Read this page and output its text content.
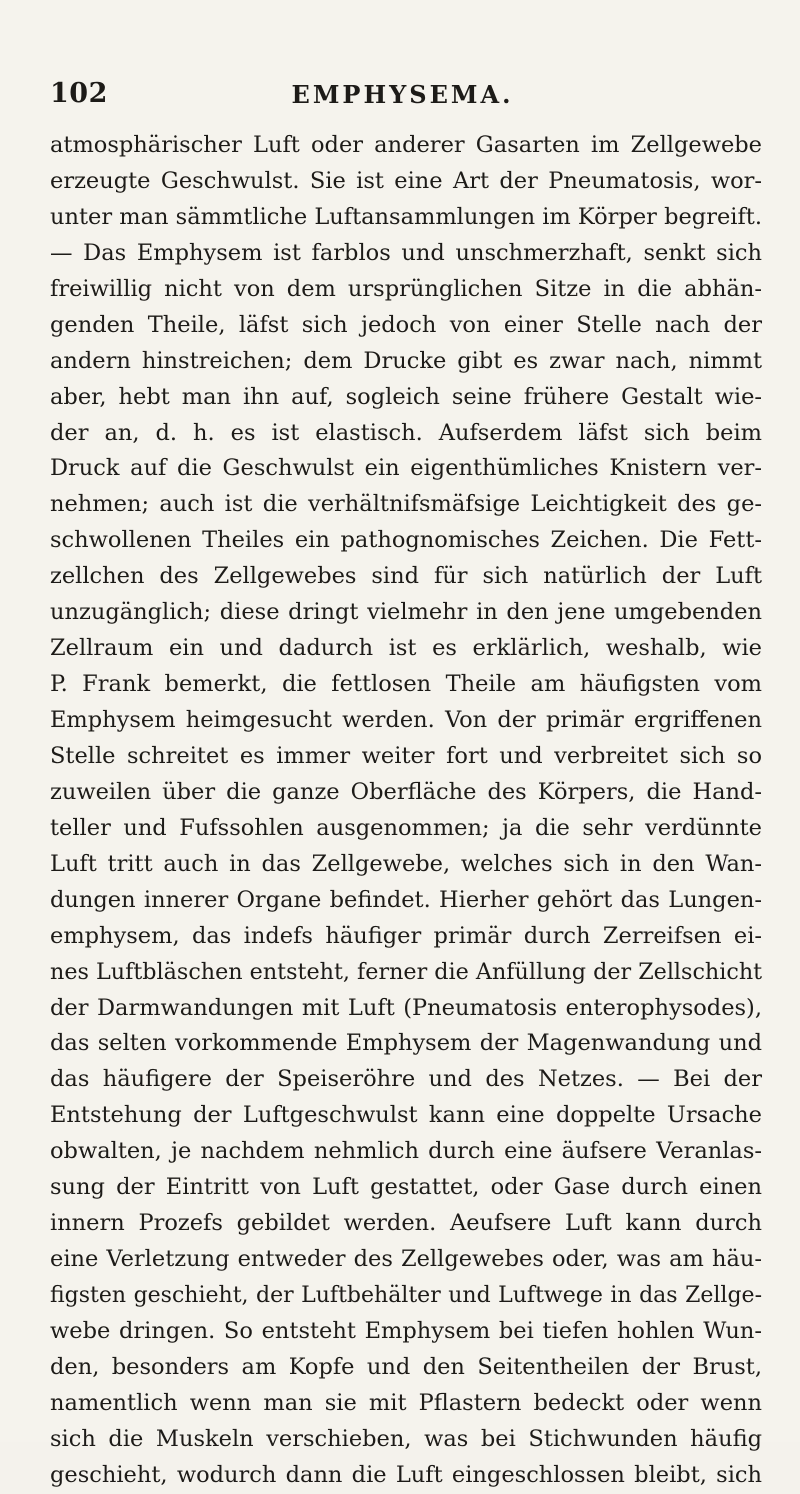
102	EMPHYSEMA.
atmosphärischer Luft oder anderer Gasarten im Zellgewebe
erzeugte Geschwulst. Sie ist eine Art der Pneumatosis, wor-
unter man sämmtliche Luftansammlungen im Körper begreift.
— Das Emphysem ist farblos und unschmerzhaft, senkt sich
freiwillig nicht von dem ursprünglichen Sitze in die abhän-
genden Theile, läfst sich jedoch von einer Stelle nach der
andern hinstreichen; dem Drucke gibt es zwar nach, nimmt
aber, hebt man ihn auf, sogleich seine frühere Gestalt wie-
der an, d. h. es ist elastisch. Aufserdem läfst sich beim
Druck auf die Geschwulst ein eigenthümliches Knistern ver-
nehmen; auch ist die verhältnifsmäfsige Leichtigkeit des ge-
schwollenen Theiles ein pathognomisches Zeichen. Die Fett-
zellchen des Zellgewebes sind für sich natürlich der Luft
unzugänglich; diese dringt vielmehr in den jene umgebenden
Zellraum ein und dadurch ist es erklärlich, weshalb, wie
P. Frank bemerkt, die fettlosen Theile am häufigsten vom
Emphysem heimgesucht werden. Von der primär ergriffenen
Stelle schreitet es immer weiter fort und verbreitet sich so
zuweilen über die ganze Oberfläche des Körpers, die Hand-
teller und Fufssohlen ausgenommen; ja die sehr verdünnte
Luft tritt auch in das Zellgewebe, welches sich in den Wan-
dungen innerer Organe befindet. Hierher gehört das Lungen-
emphysem, das indefs häufiger primär durch Zerreifsen ei-
nes Luftbläschen entsteht, ferner die Anfüllung der Zellschicht
der Darmwandungen mit Luft (Pneumatosis enterophysodes),
das selten vorkommende Emphysem der Magenwandung und
das häufigere der Speiseröhre und des Netzes. — Bei der
Entstehung der Luftgeschwulst kann eine doppelte Ursache
obwalten, je nachdem nehmlich durch eine äufsere Veranlas-
sung der Eintritt von Luft gestattet, oder Gase durch einen
innern Prozefs gebildet werden. Aeufsere Luft kann durch
eine Verletzung entweder des Zellgewebes oder, was am häu-
figsten geschieht, der Luftbehälter und Luftwege in das Zellge-
webe dringen. So entsteht Emphysem bei tiefen hohlen Wun-
den, besonders am Kopfe und den Seitentheilen der Brust,
namentlich wenn man sie mit Pflastern bedeckt oder wenn
sich die Muskeln verschieben, was bei Stichwunden häufig
geschieht, wodurch dann die Luft eingeschlossen bleibt, sich
